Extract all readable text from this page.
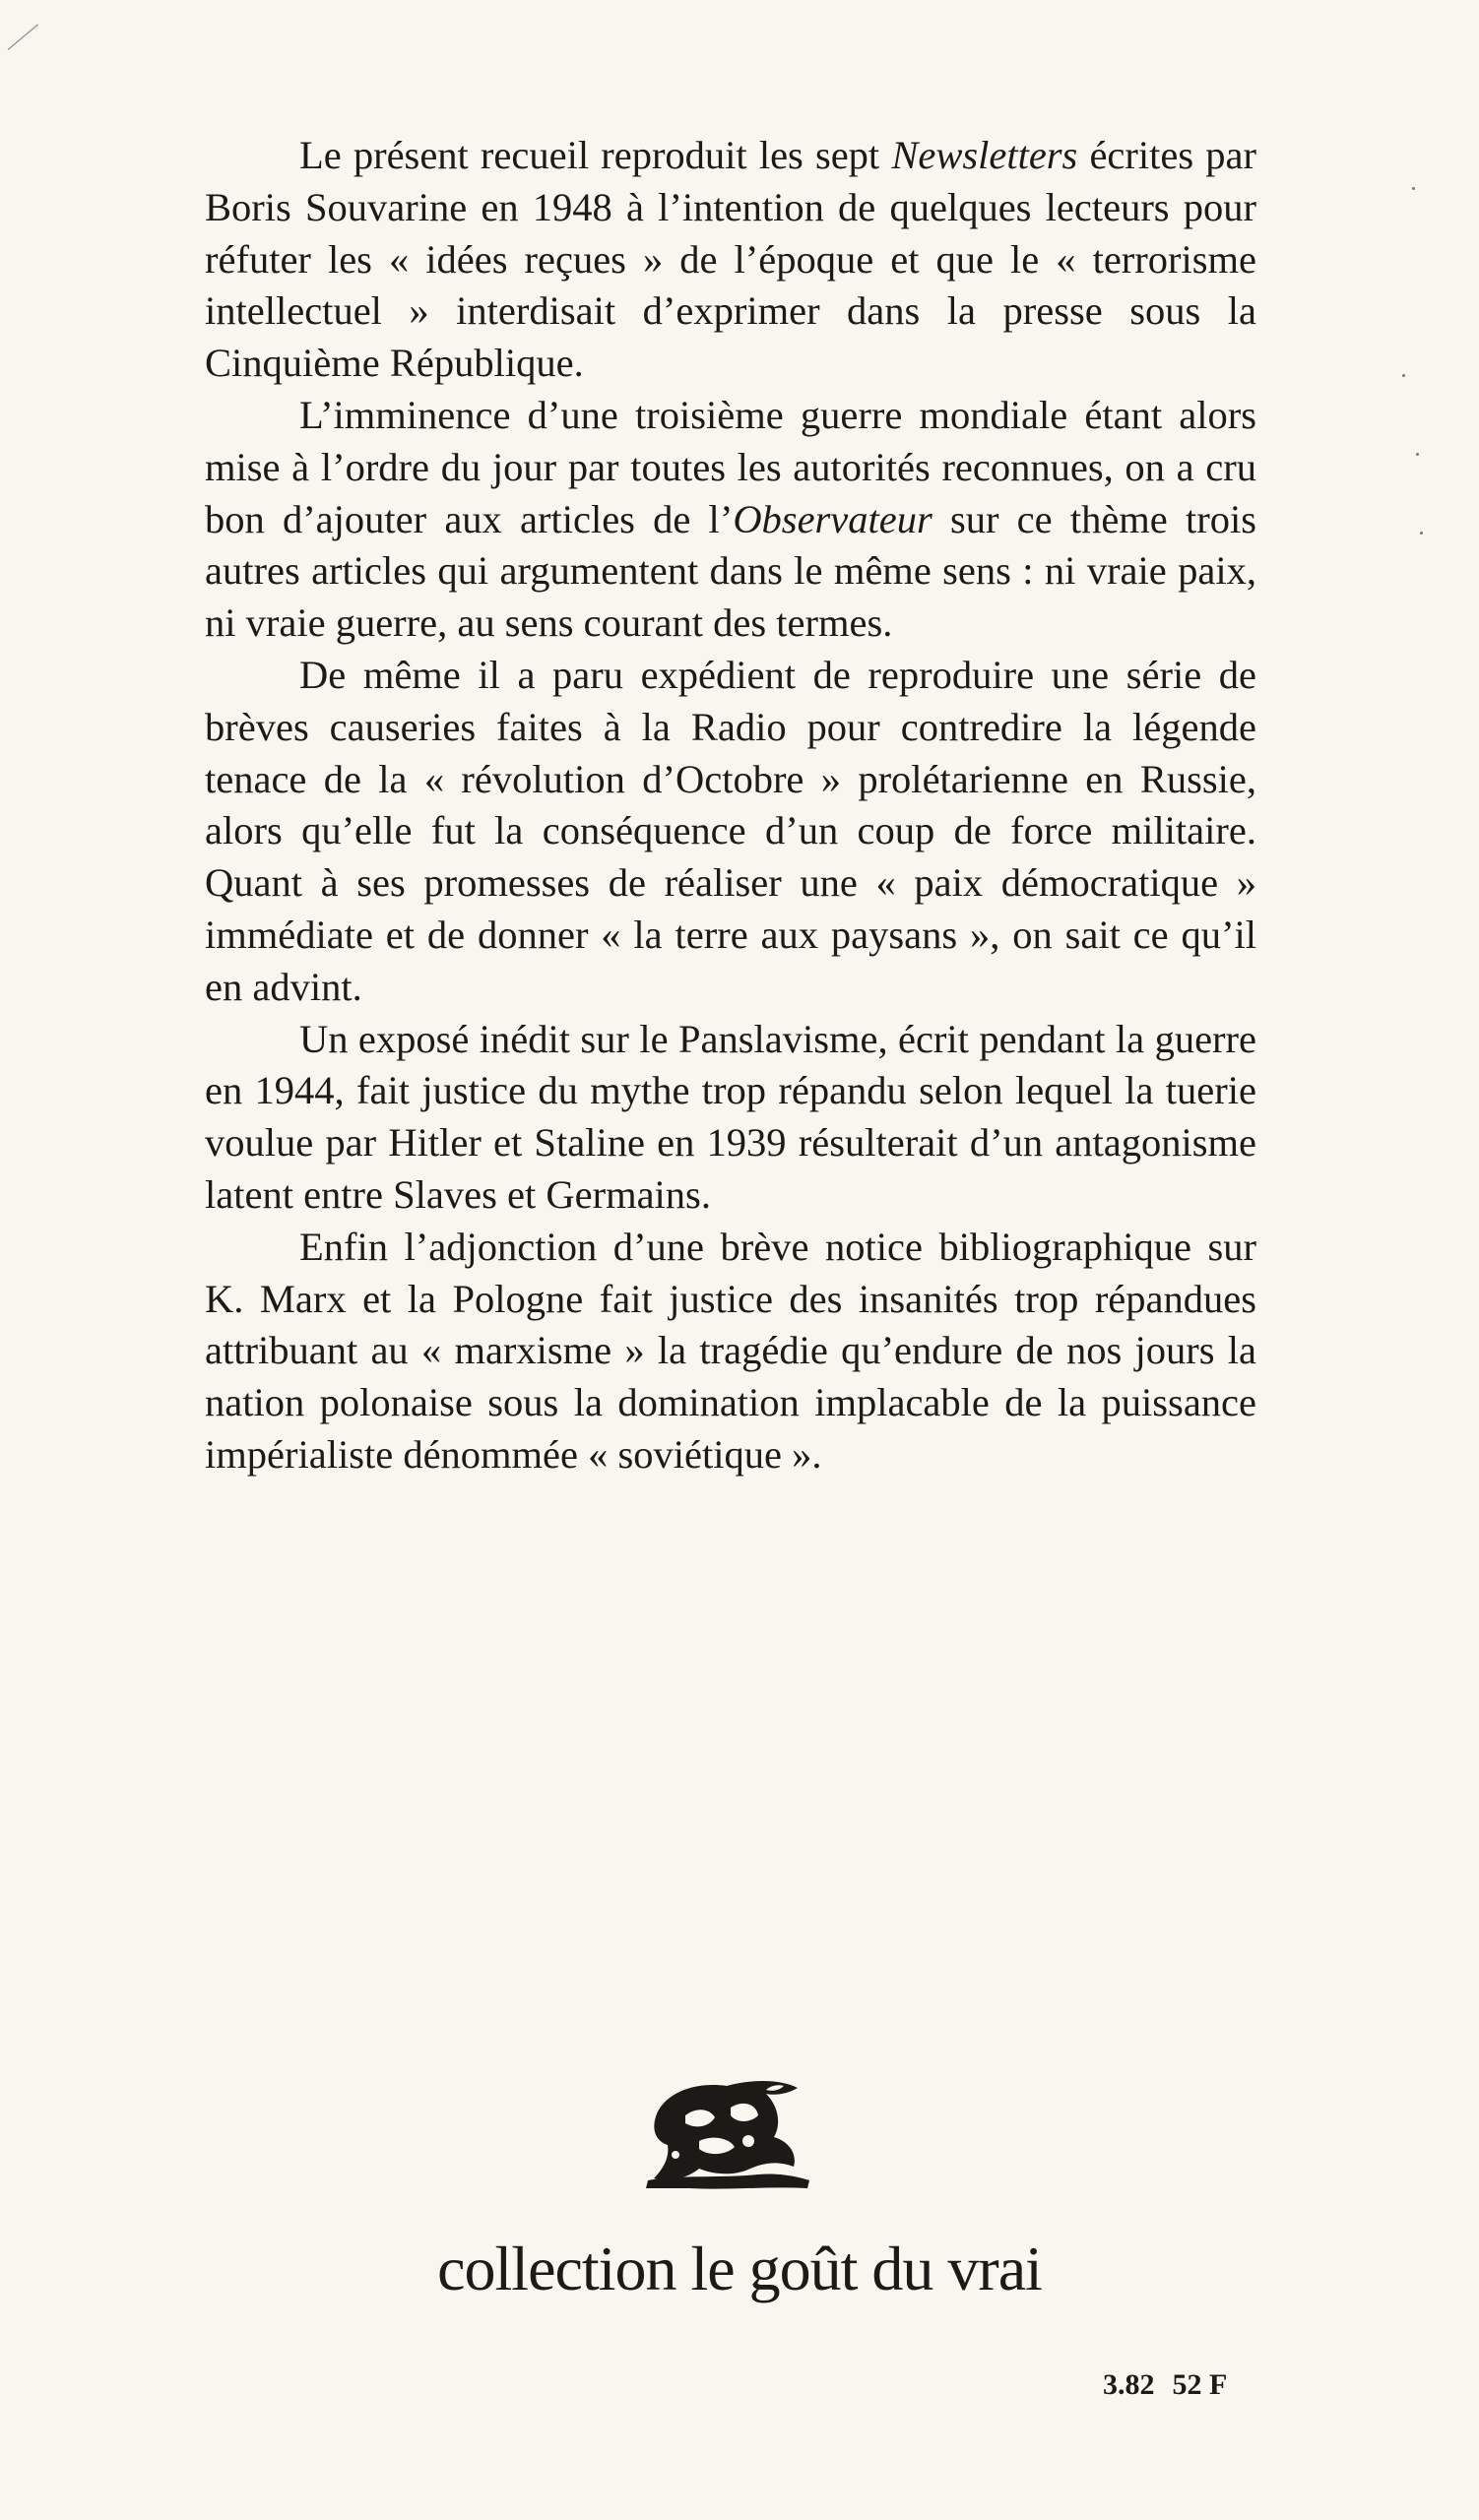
Le présent recueil reproduit les sept Newsletters écrites par Boris Souvarine en 1948 à l’intention de quelques lecteurs pour réfuter les « idées reçues » de l’époque et que le « terrorisme intellectuel » interdisait d’exprimer dans la presse sous la Cinquième République.

L’imminence d’une troisième guerre mondiale étant alors mise à l’ordre du jour par toutes les autorités reconnues, on a cru bon d’ajouter aux articles de l’Observateur sur ce thème trois autres articles qui argumentent dans le même sens : ni vraie paix, ni vraie guerre, au sens courant des termes.

De même il a paru expédient de reproduire une série de brèves causeries faites à la Radio pour contredire la légende tenace de la « révolution d’Octobre » prolétarienne en Russie, alors qu’elle fut la conséquence d’un coup de force militaire. Quant à ses promesses de réaliser une « paix démocratique » immédiate et de donner « la terre aux paysans », on sait ce qu’il en advint.

Un exposé inédit sur le Panslavisme, écrit pendant la guerre en 1944, fait justice du mythe trop répandu selon lequel la tuerie voulue par Hitler et Staline en 1939 résulterait d’un antagonisme latent entre Slaves et Germains.

Enfin l’adjonction d’une brève notice bibliographique sur K. Marx et la Pologne fait justice des insanités trop répandues attribuant au « marxisme » la tragédie qu’endure de nos jours la nation polonaise sous la domination implacable de la puissance impérialiste dénommée « soviétique ».

collection le goût du vrai
3.82 52 F
